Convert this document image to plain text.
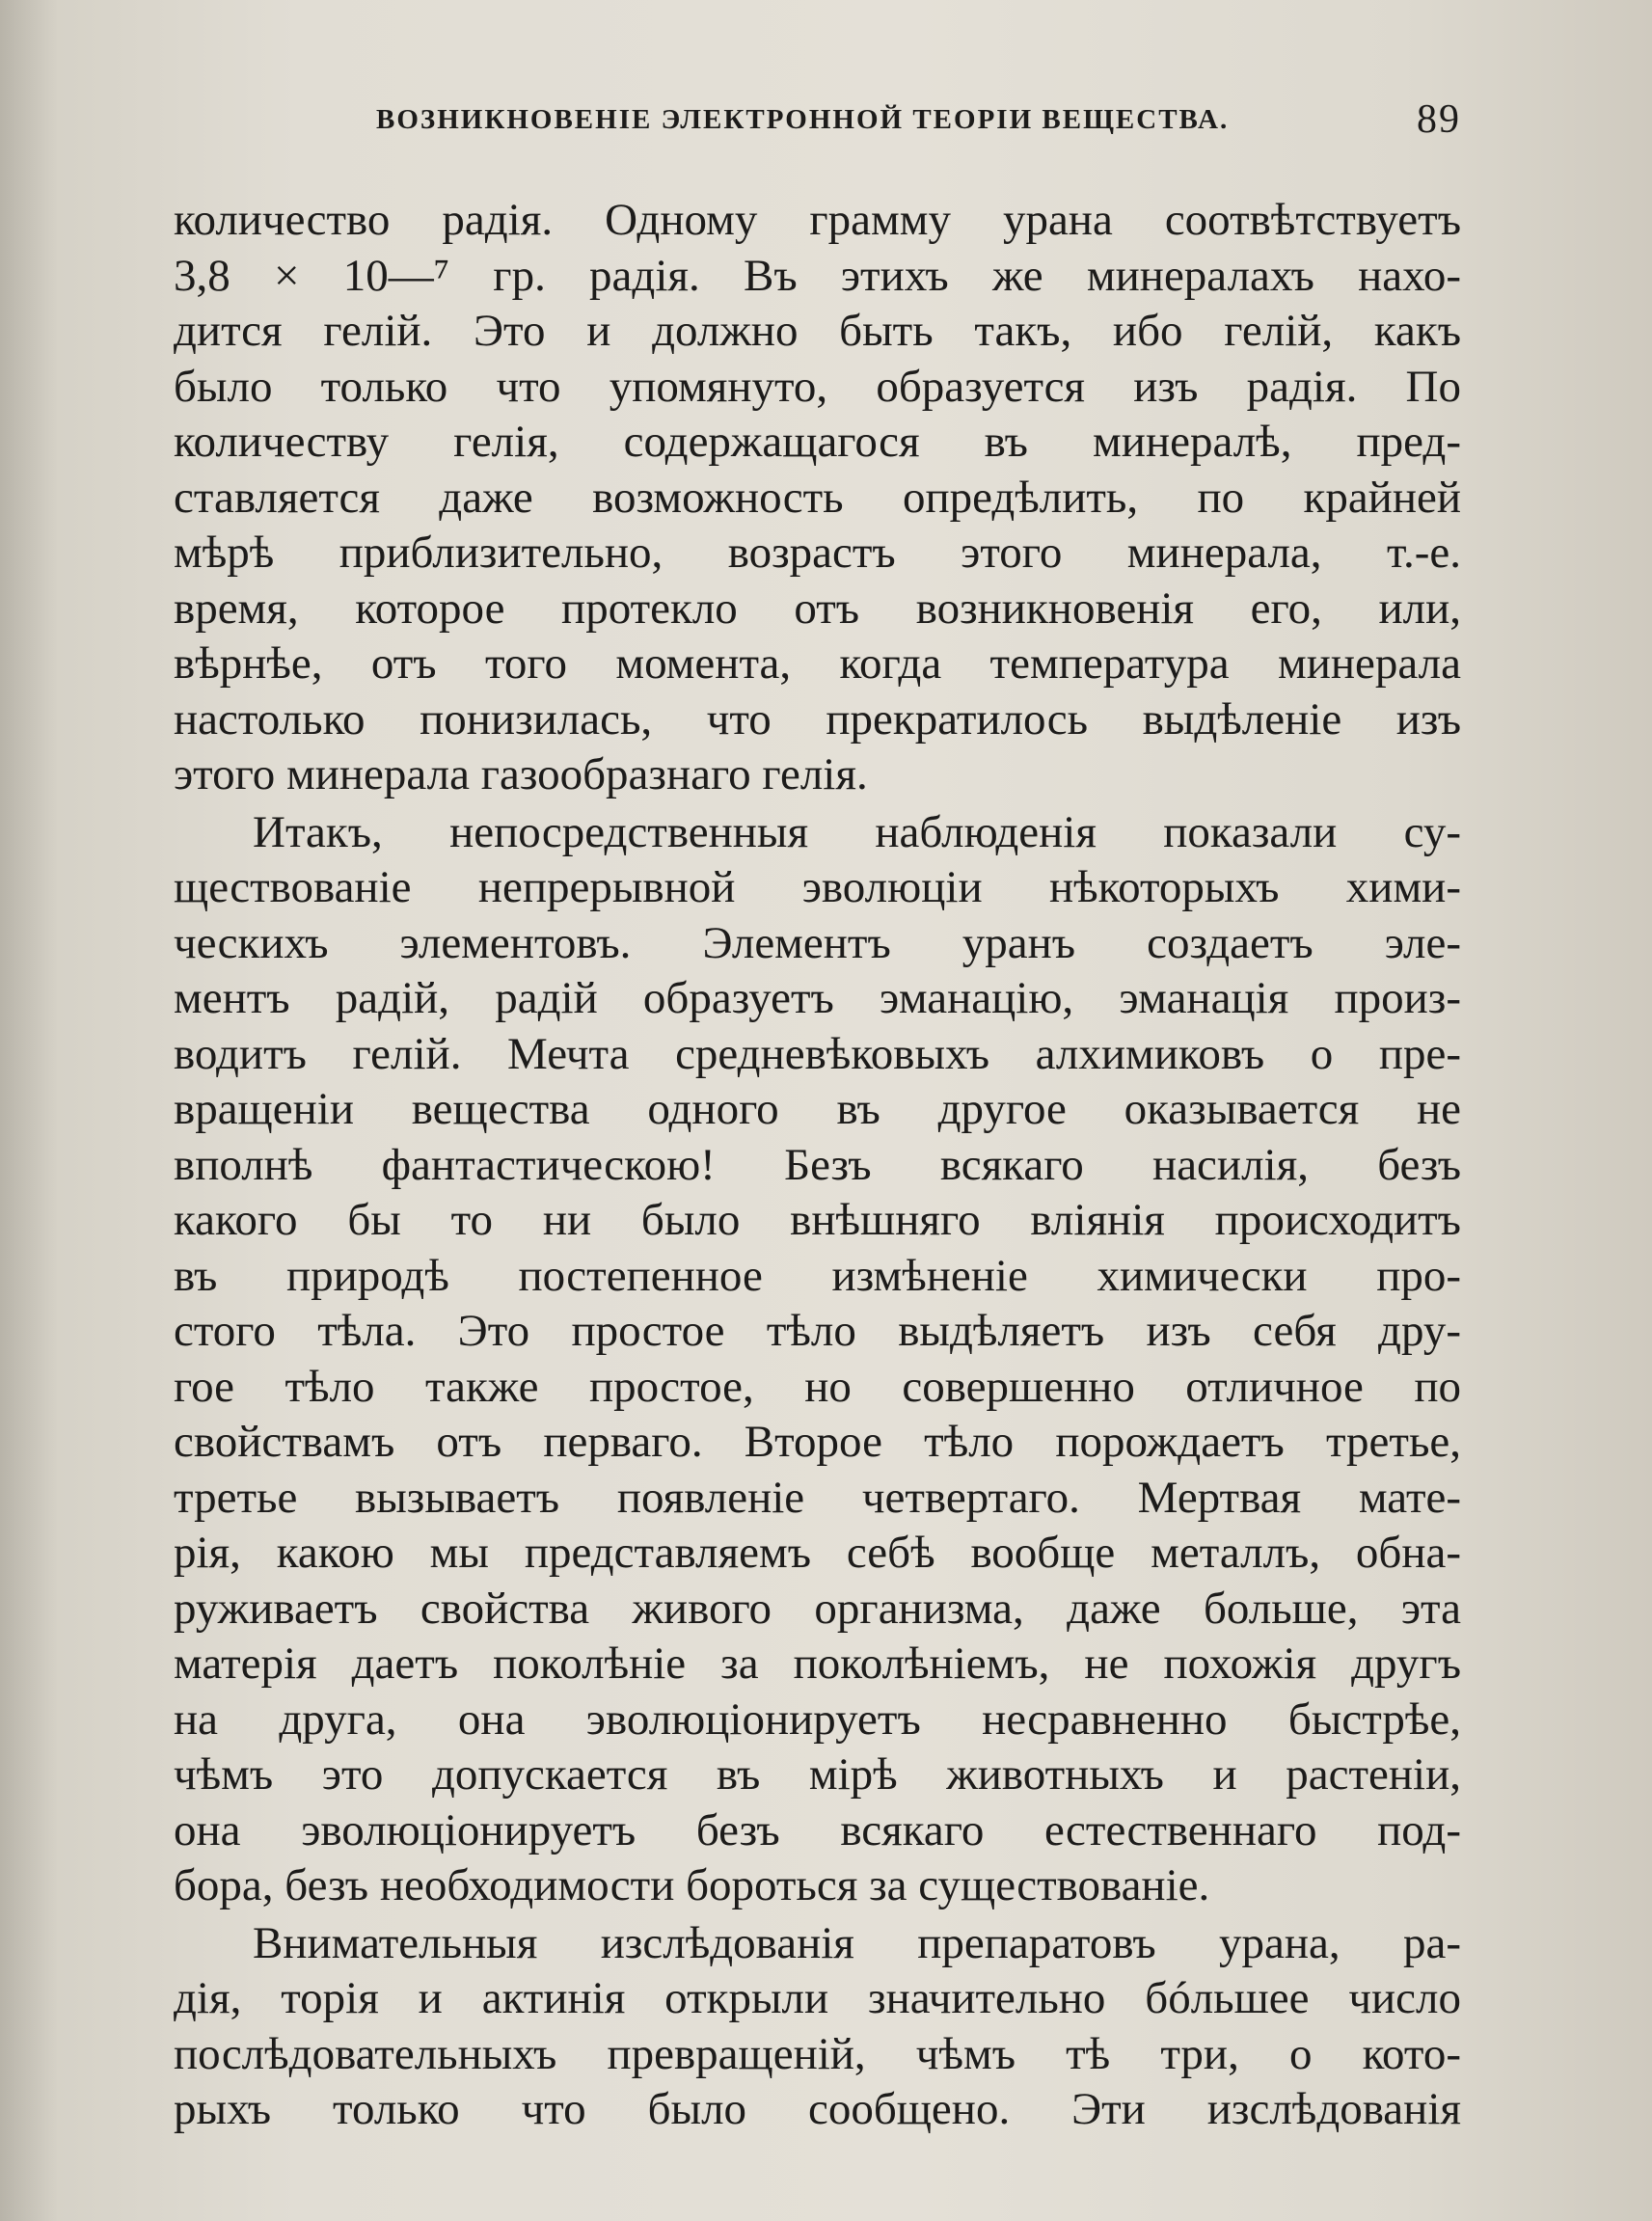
ВОЗНИКНОВЕНІЕ ЭЛЕКТРОННОЙ ТЕОРІИ ВЕЩЕСТВА.	89
количество радія. Одному грамму урана соотвѣтствуетъ
3,8 × 10—⁷ гр. радія. Въ этихъ же минералахъ нахо-
дится гелій. Это и должно быть такъ, ибо гелій, какъ
было только что упомянуто, образуется изъ радія. По
количеству гелія, содержащагося въ минералѣ, пред-
ставляется даже возможность опредѣлить, по крайней
мѣрѣ приблизительно, возрастъ этого минерала, т.-е.
время, которое протекло отъ возникновенія его, или,
вѣрнѣе, отъ того момента, когда температура минерала
настолько понизилась, что прекратилось выдѣленіе изъ
этого минерала газообразнаго гелія.
Итакъ, непосредственныя наблюденія показали су-
ществованіе непрерывной эволюціи нѣкоторыхъ хими-
ческихъ элементовъ. Элементъ уранъ создаетъ эле-
ментъ радій, радій образуетъ эманацію, эманація произ-
водитъ гелій. Мечта средневѣковыхъ алхимиковъ о пре-
вращеніи вещества одного въ другое оказывается не
вполнѣ фантастическою! Безъ всякаго насилія, безъ
какого бы то ни было внѣшняго вліянія происходитъ
въ природѣ постепенное измѣненіе химически про-
стого тѣла. Это простое тѣло выдѣляетъ изъ себя дру-
гое тѣло также простое, но совершенно отличное по
свойствамъ отъ перваго. Второе тѣло порождаетъ третье,
третье вызываетъ появленіе четвертаго. Мертвая мате-
рія, какою мы представляемъ себѣ вообще металлъ, обна-
руживаетъ свойства живого организма, даже больше, эта
матерія даетъ поколѣніе за поколѣніемъ, не похожія другъ
на друга, она эволюціонируетъ несравненно быстрѣе,
чѣмъ это допускается въ мірѣ животныхъ и растеніи,
она эволюціонируетъ безъ всякаго естественнаго под-
бора, безъ необходимости бороться за существованіе.
Внимательныя изслѣдованія препаратовъ урана, ра-
дія, торія и актинія открыли значительно бóльшее число
послѣдовательныхъ превращеній, чѣмъ тѣ три, о кото-
рыхъ только что было сообщено. Эти изслѣдованія
